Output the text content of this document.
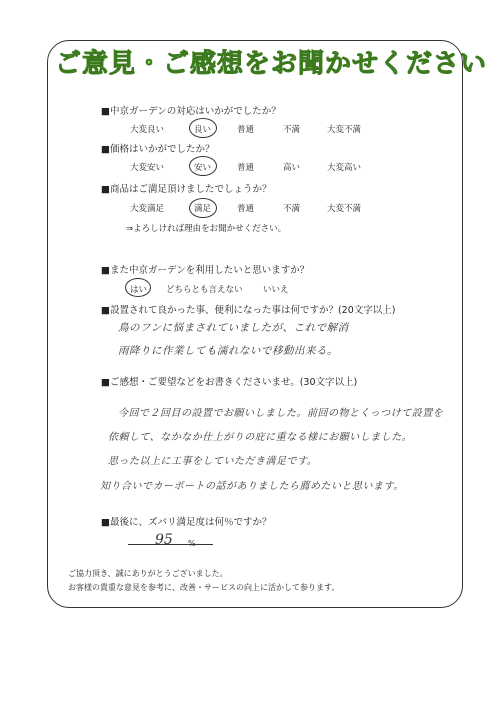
ご意見・ご感想をお聞かせください
■中京ガーデンの対応はいかがでしたか？
大変良い	良い	普通	不満	大変不満
■価格はいかがでしたか？
大変安い	安い	普通	高い	大変高い
■商品はご満足頂けましたでしょうか？
大変満足	満足	普通	不満	大変不満
⇒よろしければ理由をお聞かせください。
■また中京ガーデンを利用したいと思いますか？
はい どちらとも言えない いいえ
■設置されて良かった事、便利になった事は何ですか？(20文字以上)
鳥のフンに悩まされていましたが、これで解消
雨降りに作業しても濡れないで移動出来る。
■ご感想・ご要望などをお書きくださいませ。(30文字以上)
今回で２回目の設置でお願いしました。前回の物とくっつけて設置を
依頼して、なかなか仕上がりの庇に重なる様にお願いしました。
思った以上に工事をしていただき満足です。
知り合いでカーポートの話がありましたら薦めたいと思います。
■最後に、ズバリ満足度は何％ですか？
95 %
ご協力頂き、誠にありがとうございました。
お客様の貴重な意見を参考に、改善・サービスの向上に活かして参ります。
